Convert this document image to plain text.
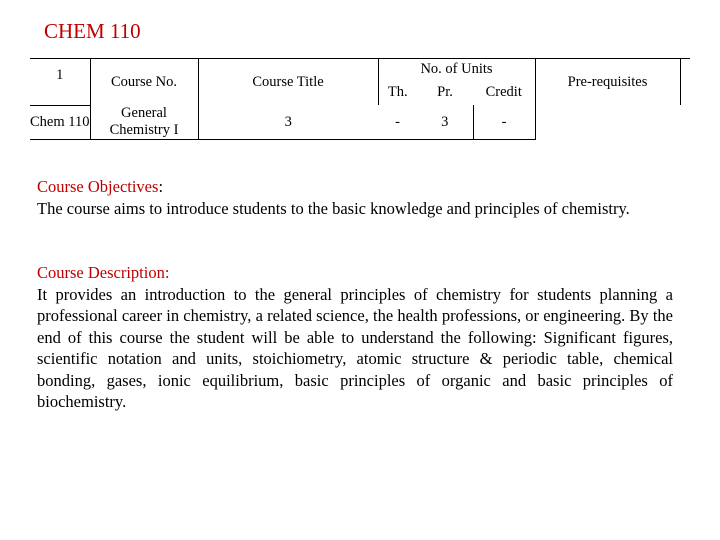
CHEM 110
1	Course No.	Course Title	No. of Units			Pre-requisites
			Th.	Pr.	Credit	
Chem 110	General Chemistry I	3	-	3	-	
Course Objectives:
The course aims to introduce students to the basic knowledge and principles of chemistry.
Course Description:
It provides an introduction to the general principles of chemistry for students planning a professional career in chemistry, a related science, the health professions, or engineering. By the end of this course the student will be able to understand the following: Significant figures, scientific notation and units, stoichiometry, atomic structure & periodic table, chemical bonding, gases, ionic equilibrium, basic principles of organic and basic principles of biochemistry.
